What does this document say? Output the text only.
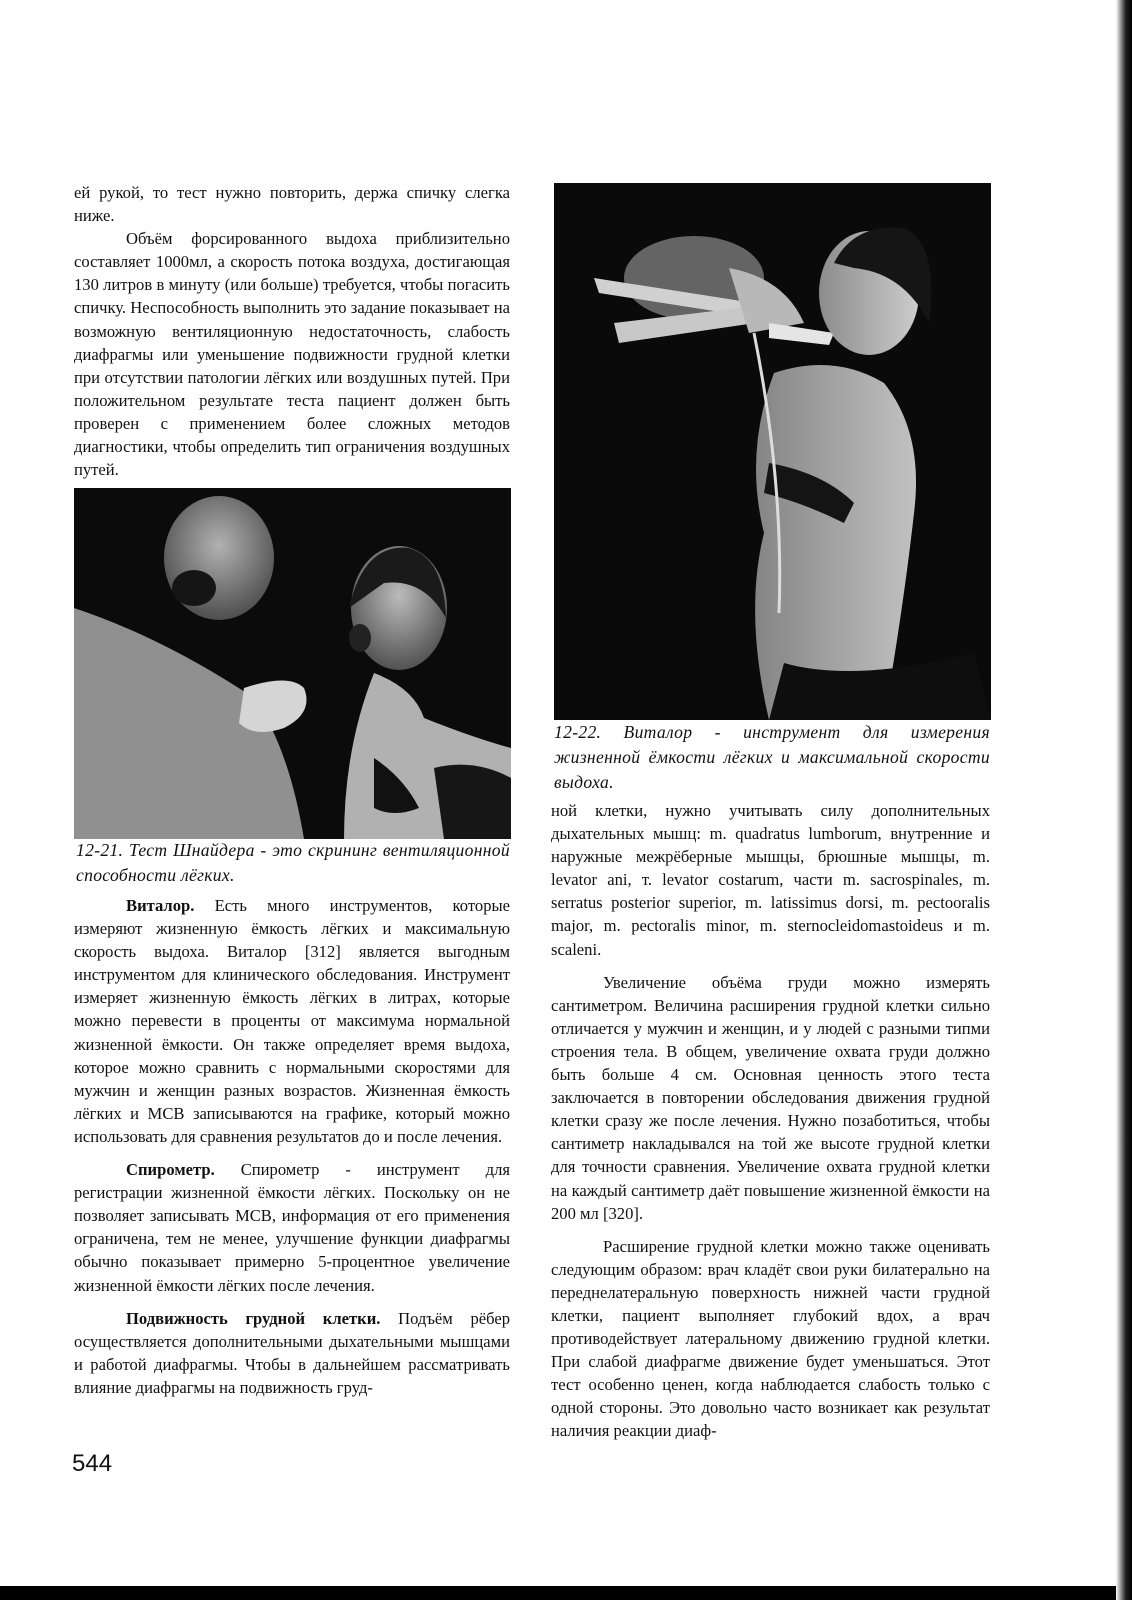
ей рукой, то тест нужно повторить, держа спичку слегка ниже.

Объём форсированного выдоха приблизительно составляет 1000мл, а скорость потока воздуха, достигающая 130 литров в минуту (или больше) требуется, чтобы погасить спичку. Неспособность выполнить это задание показывает на возможную вентиляционную недостаточность, слабость диафрагмы или уменьшение подвижности грудной клетки при отсутствии патологии лёгких или воздушных путей. При положительном результате теста пациент должен быть проверен с применением более сложных методов диагностики, чтобы определить тип ограничения воздушных путей.

12-21. Тест Шнайдера - это скрининг вентиляционной способности лёгких.

Виталор. Есть много инструментов, которые измеряют жизненную ёмкость лёгких и максимальную скорость выдоха. Виталор [312] является выгодным инструментом для клинического обследования. Инструмент измеряет жизненную ёмкость лёгких в литрах, которые можно перевести в проценты от максимума нормальной жизненной ёмкости. Он также определяет время выдоха, которое можно сравнить с нормальными скоростями для мужчин и женщин разных возрастов. Жизненная ёмкость лёгких и МСВ записываются на графике, который можно использовать для сравнения результатов до и после лечения.

Спирометр. Спирометр - инструмент для регистрации жизненной ёмкости лёгких. Поскольку он не позволяет записывать МСВ, информация от его применения ограничена, тем не менее, улучшение функции диафрагмы обычно показывает примерно 5-процентное увеличение жизненной ёмкости лёгких после лечения.

Подвижность грудной клетки. Подъём рёбер осуществляется дополнительными дыхательными мышцами и работой диафрагмы. Чтобы в дальнейшем рассматривать влияние диафрагмы на подвижность груд-

12-22. Виталор - инструмент для измерения жизненной ёмкости лёгких и максимальной скорости выдоха.

ной клетки, нужно учитывать силу дополнительных дыхательных мышц: m. quadratus lumborum, внутренние и наружные межрёберные мышцы, брюшные мышцы, m. levator ani, т. levator costarum, части m. sacrospinales, m. serratus posterior superior, m. latissimus dorsi, m. pectooralis major, m. pectoralis minor, m. sternocleidomastoideus и m. scaleni.

Увеличение объёма груди можно измерять сантиметром. Величина расширения грудной клетки сильно отличается у мужчин и женщин, и у людей с разными типми строения тела. В общем, увеличение охвата груди должно быть больше 4 см. Основная ценность этого теста заключается в повторении обследования движения грудной клетки сразу же после лечения. Нужно позаботиться, чтобы сантиметр накладывался на той же высоте грудной клетки для точности сравнения. Увеличение охвата грудной клетки на каждый сантиметр даёт повышение жизненной ёмкости на 200 мл [320].

Расширение грудной клетки можно также оценивать следующим образом: врач кладёт свои руки билатерально на переднелатеральную поверхность нижней части грудной клетки, пациент выполняет глубокий вдох, а врач противодействует латеральному движению грудной клетки. При слабой диафрагме движение будет уменьшаться. Этот тест особенно ценен, когда наблюдается слабость только с одной стороны. Это довольно часто возникает как результат наличия реакции диаф-

544
